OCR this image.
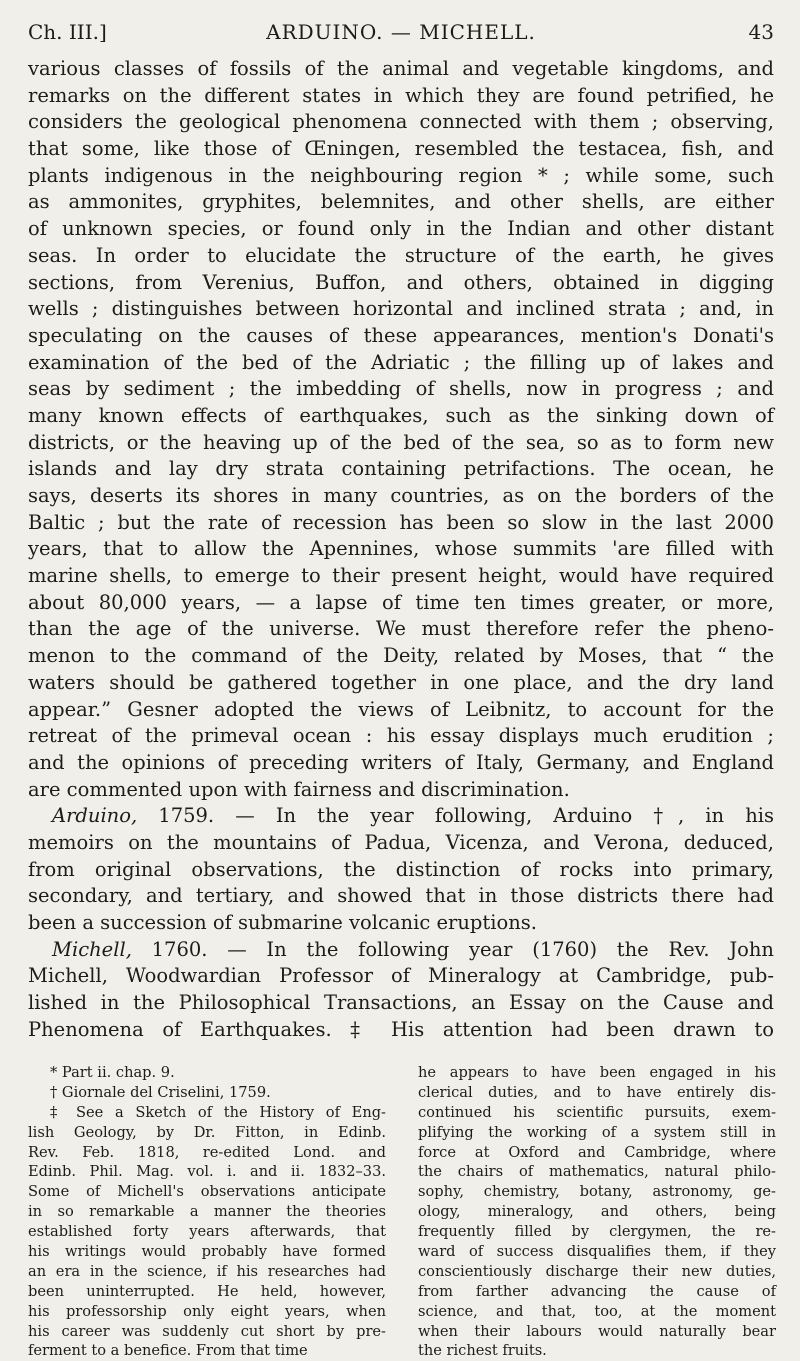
Ch. III.]	ARDUINO. — MICHELL.	43
various classes of fossils of the animal and vegetable kingdoms, and
remarks on the different states in which they are found petrified, he
considers the geological phenomena connected with them ; observing,
that some, like those of Œningen, resembled the testacea, fish, and
plants indigenous in the neighbouring region * ; while some, such
as ammonites, gryphites, belemnites, and other shells, are either
of unknown species, or found only in the Indian and other distant
seas. In order to elucidate the structure of the earth, he gives
sections, from Verenius, Buffon, and others, obtained in digging
wells ; distinguishes between horizontal and inclined strata ; and, in
speculating on the causes of these appearances, mention's Donati's
examination of the bed of the Adriatic ; the filling up of lakes and
seas by sediment ; the imbedding of shells, now in progress ; and
many known effects of earthquakes, such as the sinking down of
districts, or the heaving up of the bed of the sea, so as to form new
islands and lay dry strata containing petrifactions. The ocean, he
says, deserts its shores in many countries, as on the borders of the
Baltic ; but the rate of recession has been so slow in the last 2000
years, that to allow the Apennines, whose summits 'are filled with
marine shells, to emerge to their present height, would have required
about 80,000 years, — a lapse of time ten times greater, or more,
than the age of the universe. We must therefore refer the pheno-
menon to the command of the Deity, related by Moses, that “ the
waters should be gathered together in one place, and the dry land
appear.” Gesner adopted the views of Leibnitz, to account for the
retreat of the primeval ocean : his essay displays much erudition ;
and the opinions of preceding writers of Italy, Germany, and England
are commented upon with fairness and discrimination.
Arduino, 1759. — In the year following, Arduino †, in his
memoirs on the mountains of Padua, Vicenza, and Verona, deduced,
from original observations, the distinction of rocks into primary,
secondary, and tertiary, and showed that in those districts there had
been a succession of submarine volcanic eruptions.
Michell, 1760. — In the following year (1760) the Rev. John
Michell, Woodwardian Professor of Mineralogy at Cambridge, pub-
lished in the Philosophical Transactions, an Essay on the Cause and
Phenomena of Earthquakes. ‡ His attention had been drawn to
* Part ii. chap. 9.
† Giornale del Criselini, 1759.
‡ See a Sketch of the History of Eng-
lish Geology, by Dr. Fitton, in Edinb.
Rev. Feb. 1818, re-edited Lond. and
Edinb. Phil. Mag. vol. i. and ii. 1832–33.
Some of Michell's observations anticipate
in so remarkable a manner the theories
established forty years afterwards, that
his writings would probably have formed
an era in the science, if his researches had
been uninterrupted. He held, however,
his professorship only eight years, when
his career was suddenly cut short by pre-
ferment to a benefice. From that time
he appears to have been engaged in his
clerical duties, and to have entirely dis-
continued his scientific pursuits, exem-
plifying the working of a system still in
force at Oxford and Cambridge, where
the chairs of mathematics, natural philo-
sophy, chemistry, botany, astronomy, ge-
ology, mineralogy, and others, being
frequently filled by clergymen, the re-
ward of success disqualifies them, if they
conscientiously discharge their new duties,
from farther advancing the cause of
science, and that, too, at the moment
when their labours would naturally bear
the richest fruits.
